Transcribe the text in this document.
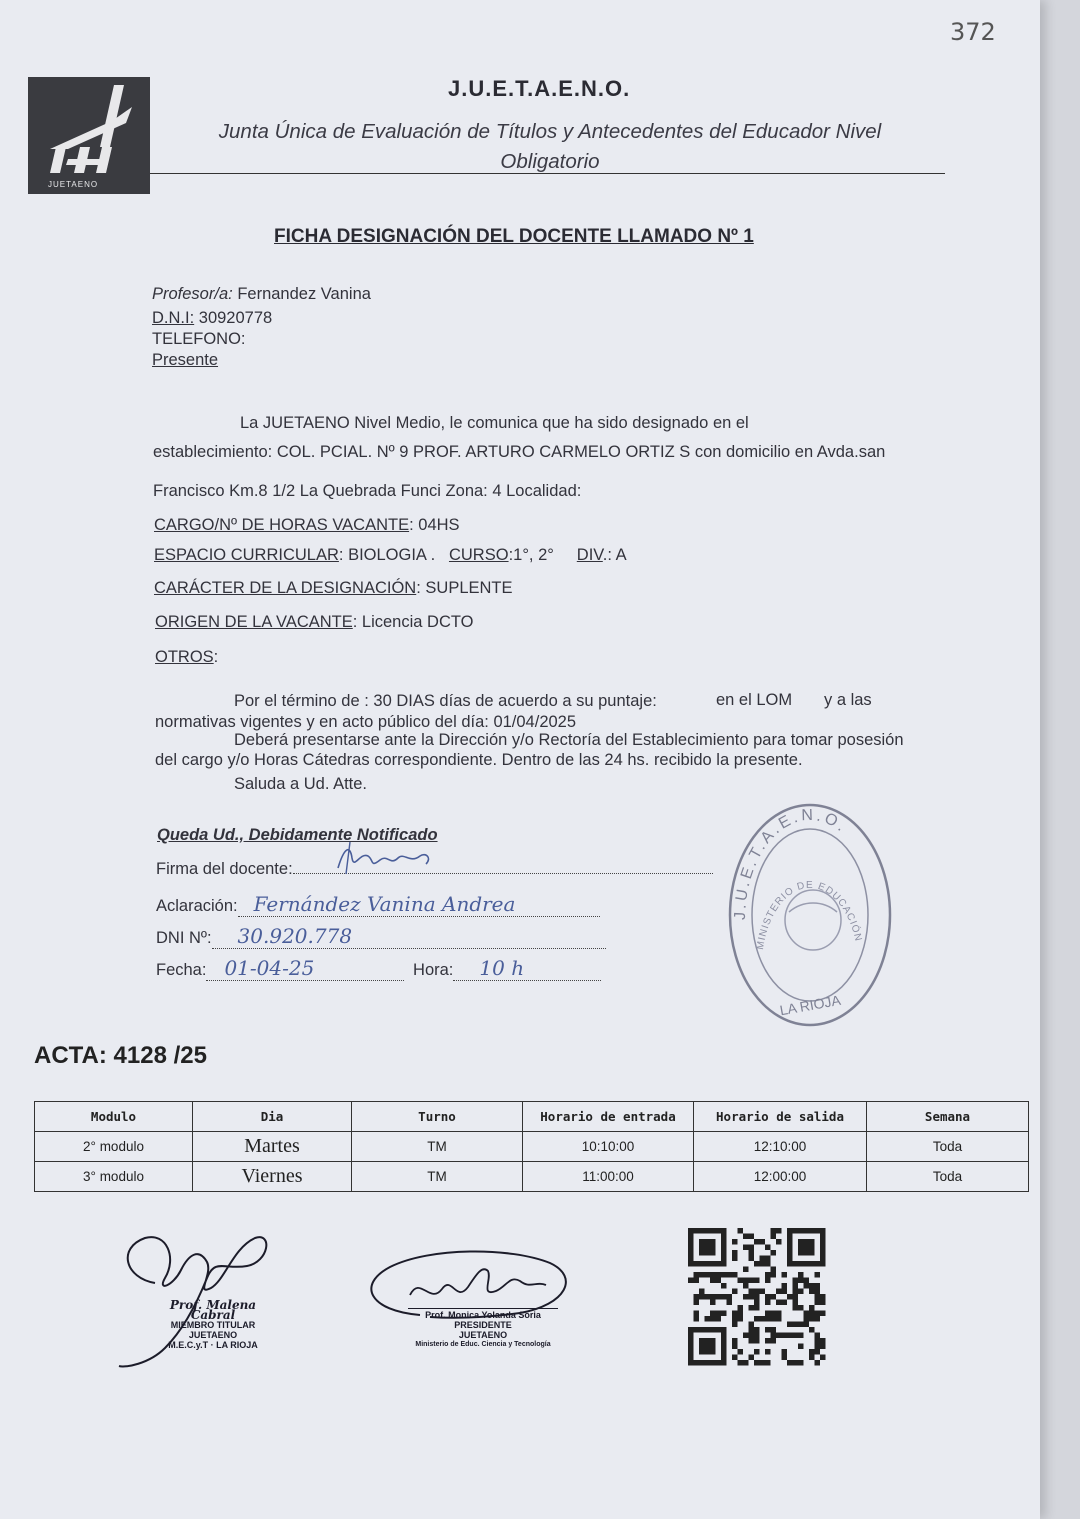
372
JUETAENO
J.U.E.T.A.E.N.O.
Junta Única de Evaluación de Títulos y Antecedentes del Educador Nivel
Obligatorio
FICHA DESIGNACIÓN DEL DOCENTE LLAMADO Nº 1
Profesor/a: Fernandez Vanina
D.N.I: 30920778
TELEFONO:
Presente
La JUETAENO Nivel Medio, le comunica que ha sido designado en el
establecimiento: COL. PCIAL. Nº 9 PROF. ARTURO CARMELO ORTIZ S con domicilio en Avda.san
Francisco Km.8 1/2 La Quebrada Funci Zona: 4 Localidad:
CARGO/Nº DE HORAS VACANTE: 04HS
ESPACIO CURRICULAR: BIOLOGIA . CURSO:1°, 2° DIV.: A
CARÁCTER DE LA DESIGNACIÓN: SUPLENTE
ORIGEN DE LA VACANTE: Licencia DCTO
OTROS:
Por el término de : 30 DIAS días de acuerdo a su puntaje:	en el LOM y a las
normativas vigentes y en acto público del día: 01/04/2025
Deberá presentarse ante la Dirección y/o Rectoría del Establecimiento para tomar posesión
del cargo y/o Horas Cátedras correspondiente. Dentro de las 24 hs. recibido la presente.
Saluda a Ud. Atte.
Queda Ud., Debidamente Notificado
Firma del docente:
Aclaración: Fernández Vanina Andrea
DNI Nº: 30.920.778
Fecha: 01-04-25	Hora: 10 h
J.U.E.T.A.E.N.O.
MINISTERIO DE EDUCACIÓN
LA RIOJA
ACTA: 4128 /25
Modulo	Dia	Turno	Horario de entrada	Horario de salida	Semana
2° modulo	Martes	TM	10:10:00	12:10:00	Toda
3° modulo	Viernes	TM	11:00:00	12:00:00	Toda
Prof. Malena Cabral
MIEMBRO TITULAR
JUETAENO
M.E.C.y.T · LA RIOJA
Prof. Monica Yolanda Soria
PRESIDENTE
JUETAENO
Ministerio de Educ. Ciencia y Tecnología
